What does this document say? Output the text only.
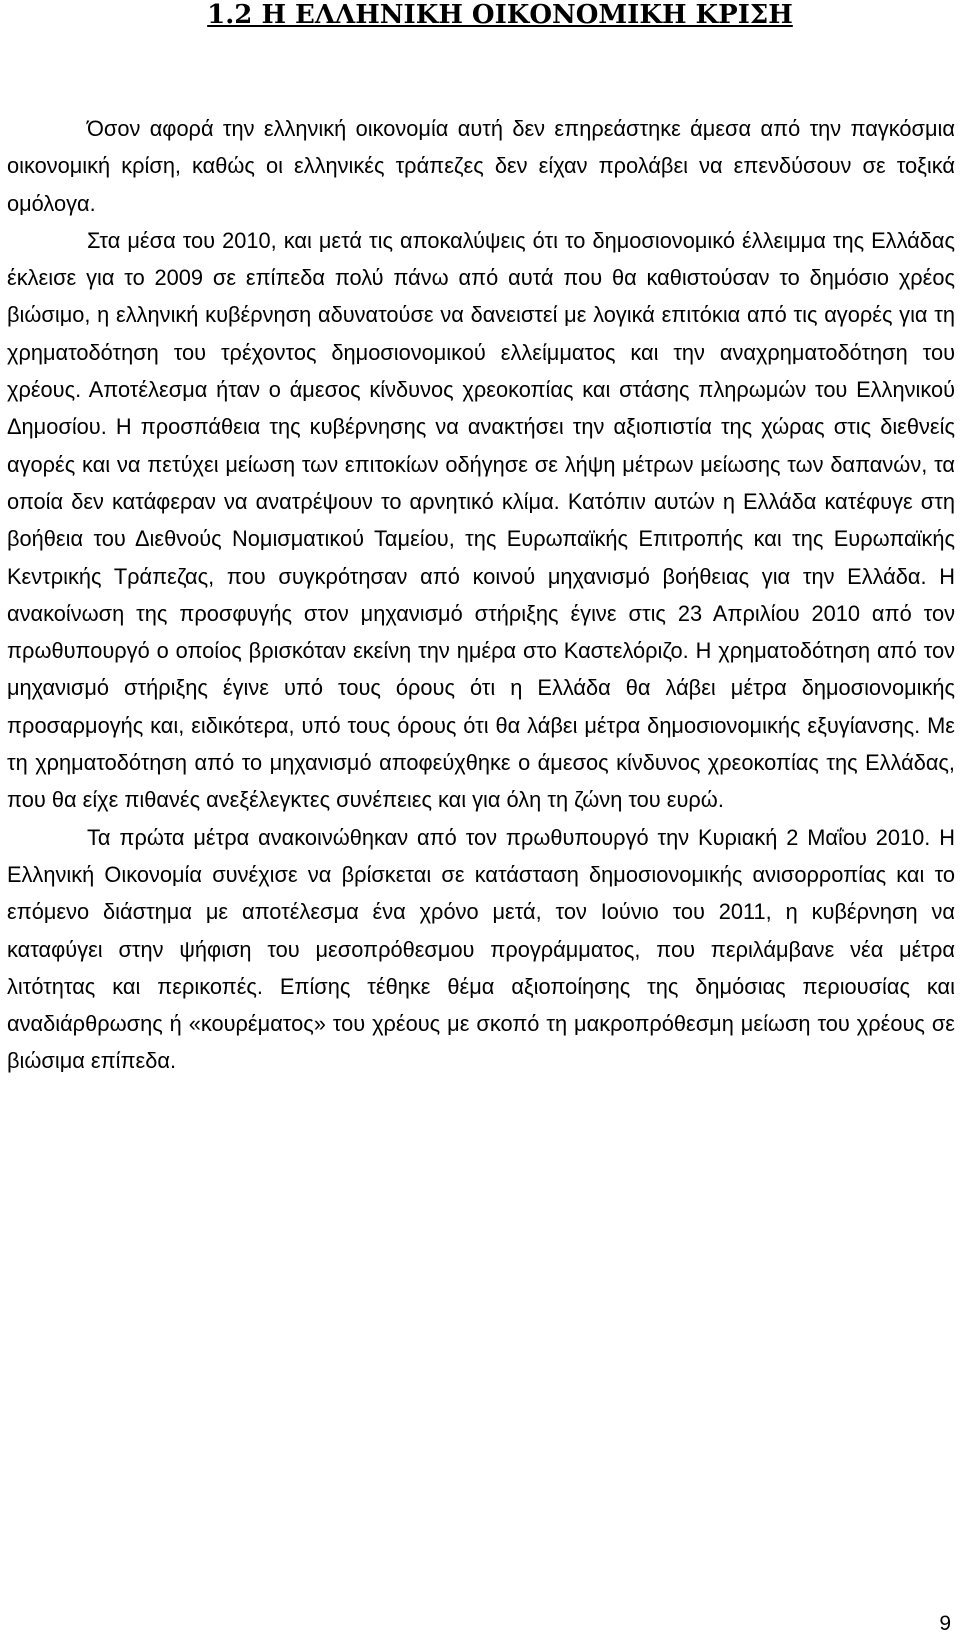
1.2 Η ΕΛΛΗΝΙΚΗ ΟΙΚΟΝΟΜΙΚΗ ΚΡΙΣΗ

Όσον αφορά την ελληνική οικονομία αυτή δεν επηρεάστηκε άμεσα από την παγκόσμια οικονομική κρίση, καθώς οι ελληνικές τράπεζες δεν είχαν προλάβει να επενδύσουν σε τοξικά ομόλογα.

Στα μέσα του 2010, και μετά τις αποκαλύψεις ότι το δημοσιονομικό έλλειμμα της Ελλάδας έκλεισε για το 2009 σε επίπεδα πολύ πάνω από αυτά που θα καθιστούσαν το δημόσιο χρέος βιώσιμο, η ελληνική κυβέρνηση αδυνατούσε να δανειστεί με λογικά επιτόκια από τις αγορές για τη χρηματοδότηση του τρέχοντος δημοσιονομικού ελλείμματος και την αναχρηματοδότηση του χρέους. Αποτέλεσμα ήταν ο άμεσος κίνδυνος χρεοκοπίας και στάσης πληρωμών του Ελληνικού Δημοσίου. Η προσπάθεια της κυβέρνησης να ανακτήσει την αξιοπιστία της χώρας στις διεθνείς αγορές και να πετύχει μείωση των επιτοκίων οδήγησε σε λήψη μέτρων μείωσης των δαπανών, τα οποία δεν κατάφεραν να ανατρέψουν το αρνητικό κλίμα. Κατόπιν αυτών η Ελλάδα κατέφυγε στη βοήθεια του Διεθνούς Νομισματικού Ταμείου, της Ευρωπαϊκής Επιτροπής και της Ευρωπαϊκής Κεντρικής Τράπεζας, που συγκρότησαν από κοινού μηχανισμό βοήθειας για την Ελλάδα. Η ανακοίνωση της προσφυγής στον μηχανισμό στήριξης έγινε στις 23 Απριλίου 2010 από τον πρωθυπουργό ο οποίος βρισκόταν εκείνη την ημέρα στο Καστελόριζο. Η χρηματοδότηση από τον μηχανισμό στήριξης έγινε υπό τους όρους ότι η Ελλάδα θα λάβει μέτρα δημοσιονομικής προσαρμογής και, ειδικότερα, υπό τους όρους ότι θα λάβει μέτρα δημοσιονομικής εξυγίανσης. Με τη χρηματοδότηση από το μηχανισμό αποφεύχθηκε ο άμεσος κίνδυνος χρεοκοπίας της Ελλάδας, που θα είχε πιθανές ανεξέλεγκτες συνέπειες και για όλη τη ζώνη του ευρώ.

Τα πρώτα μέτρα ανακοινώθηκαν από τον πρωθυπουργό την Κυριακή 2 Μαΐου 2010. Η Ελληνική Οικονομία συνέχισε να βρίσκεται σε κατάσταση δημοσιονομικής ανισορροπίας και το επόμενο διάστημα με αποτέλεσμα ένα χρόνο μετά, τον Ιούνιο του 2011, η κυβέρνηση να καταφύγει στην ψήφιση του μεσοπρόθεσμου προγράμματος, που περιλάμβανε νέα μέτρα λιτότητας και περικοπές. Επίσης τέθηκε θέμα αξιοποίησης της δημόσιας περιουσίας και αναδιάρθρωσης ή «κουρέματος» του χρέους με σκοπό τη μακροπρόθεσμη μείωση του χρέους σε βιώσιμα επίπεδα.

9
